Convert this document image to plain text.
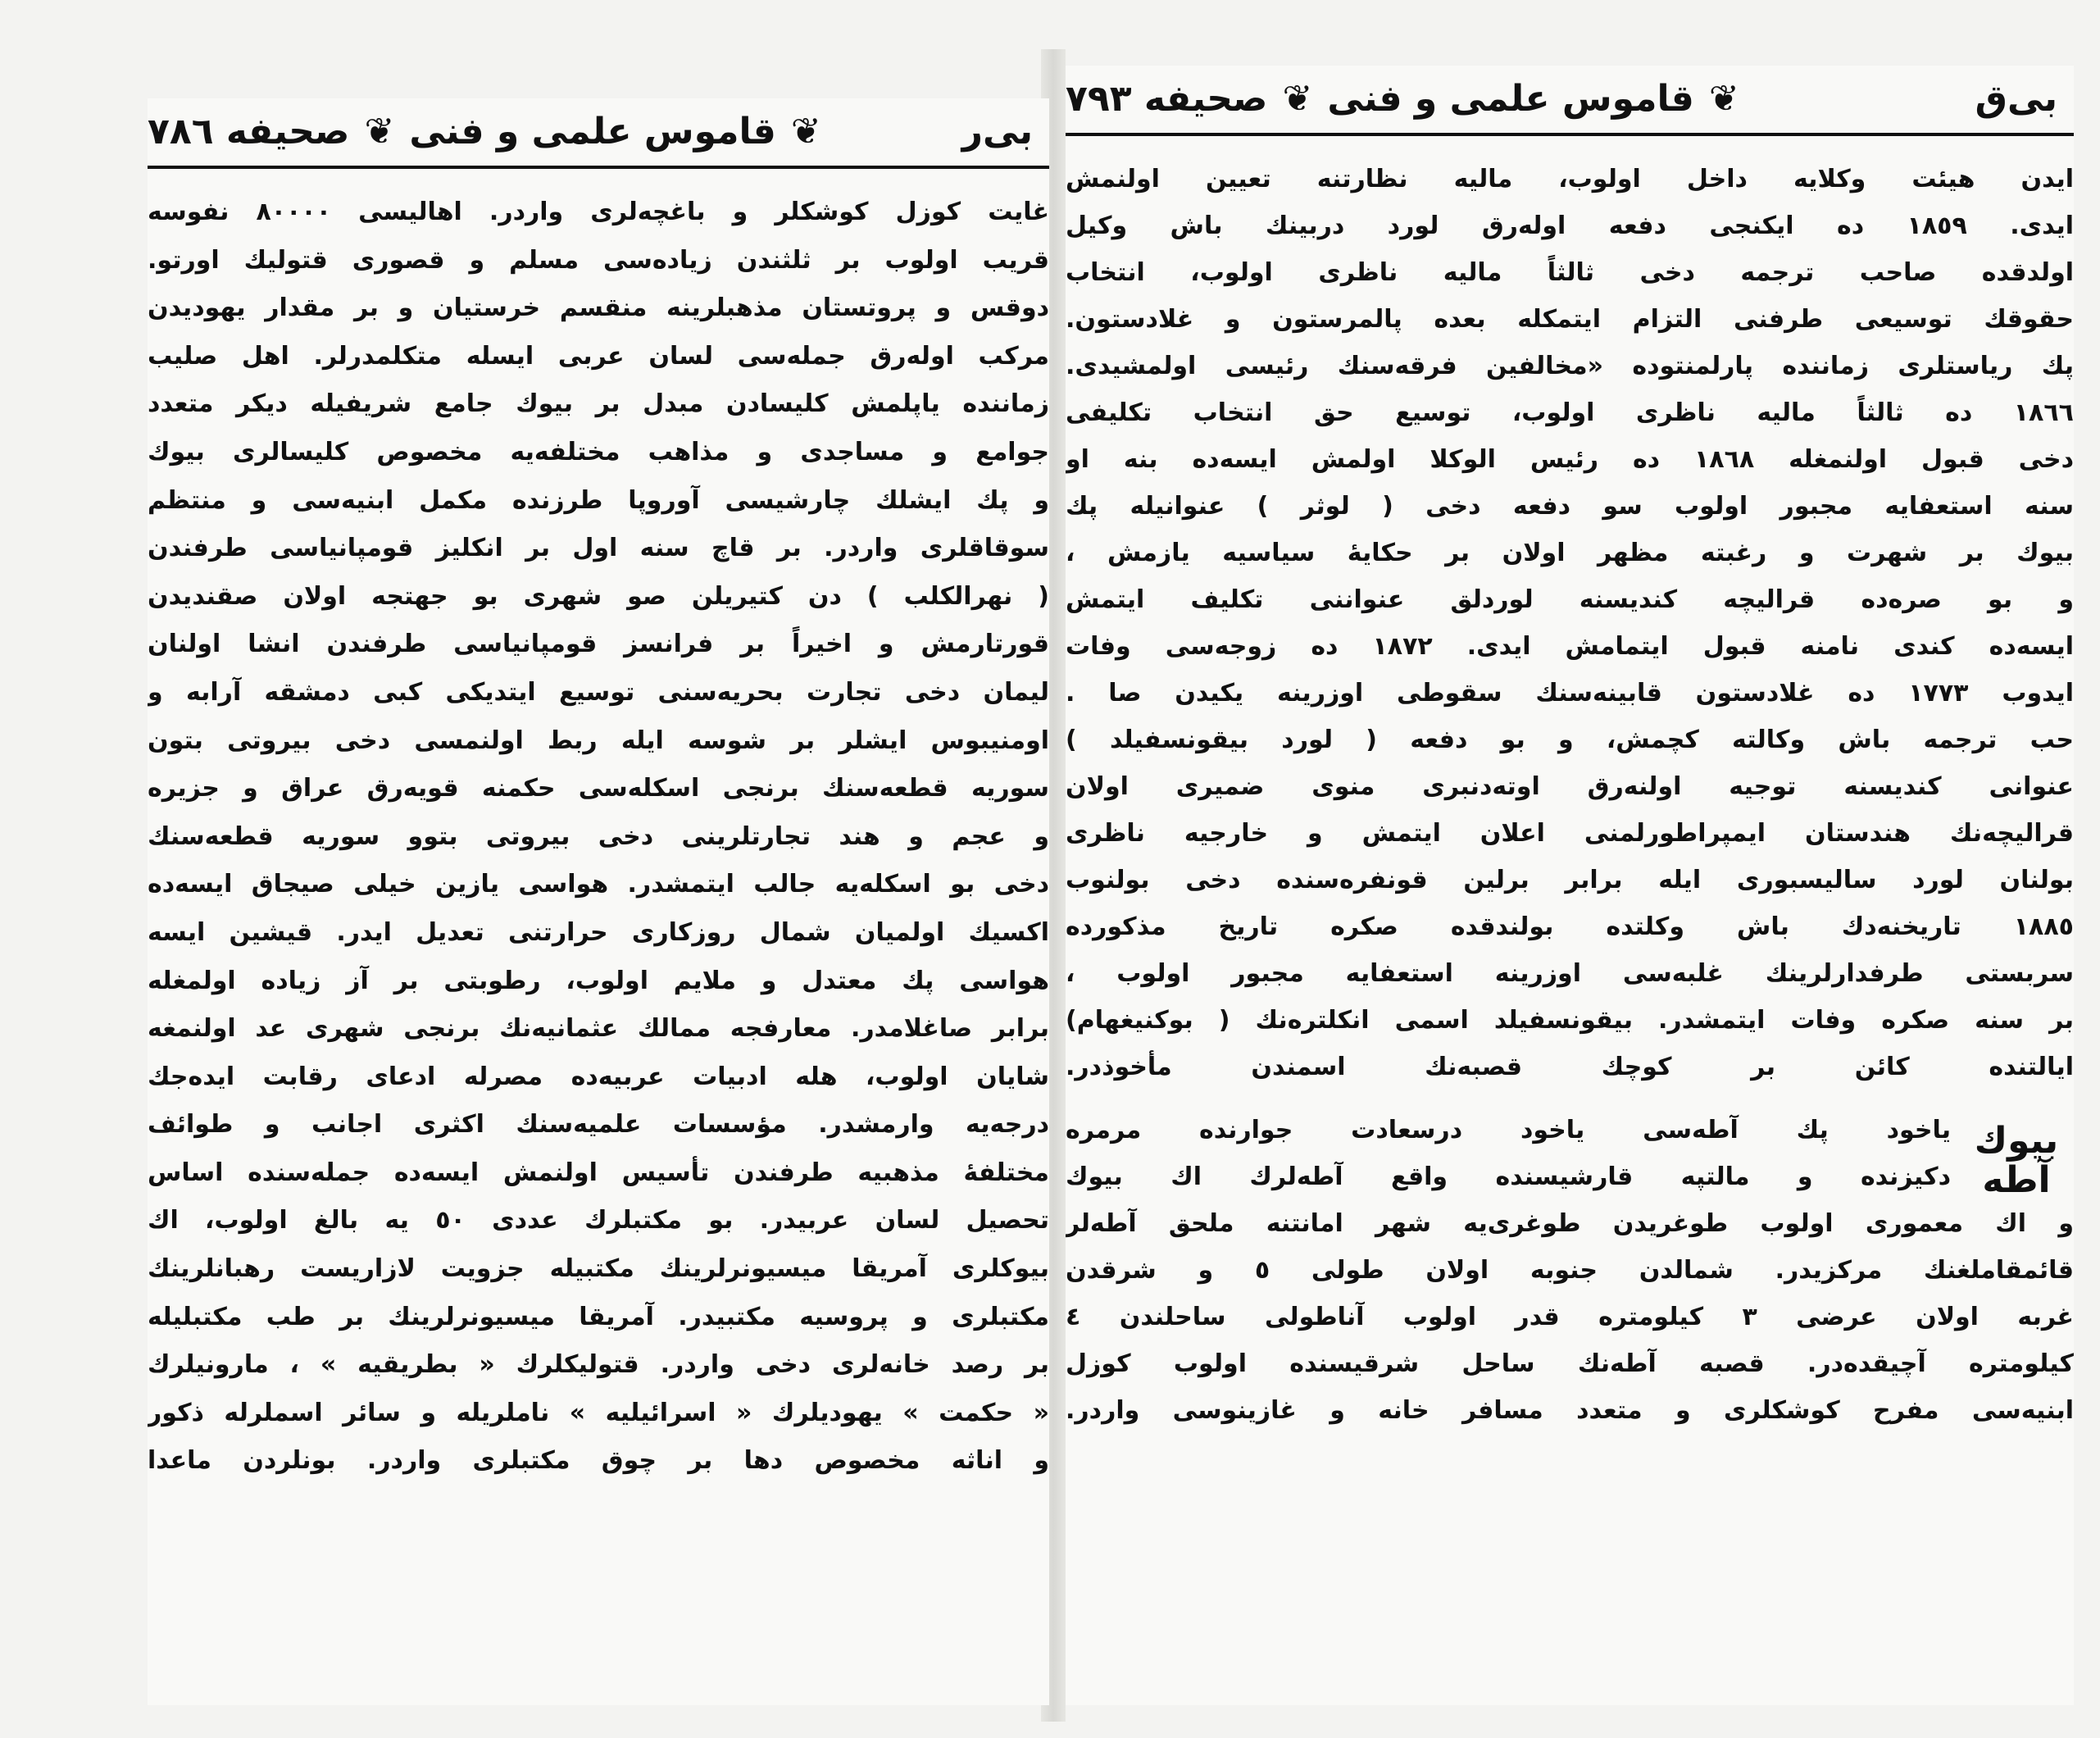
بى‌ر
❦
قاموس علمى و فنى
❦
صحيفه ٧٨٦
غايت كوزل كوشكلر و باغچه‌لرى واردر. اهاليسى ٨٠٠٠٠ نفوسه
قريب اولوب بر ثلثندن زياده‌سى مسلم و قصورى قتوليك اورتو.
دوقس و پروتستان مذهبلرينه منقسم خرستيان و بر مقدار يهوديدن
مركب اوله‌رق جمله‌سى لسان عربى ايسله متكلمدرلر. اهل صليب
زماننده ياپلمش كليسادن مبدل بر بيوك جامع شريفيله ديكر متعدد
جوامع و مساجدى و مذاهب مختلفه‌يه مخصوص كليسالرى بيوك
و پك ايشلك چارشيسى آوروپا طرزنده مكمل ابنيه‌سى و منتظم
سوقاقلرى واردر. بر قاچ سنه اول بر انكليز قومپانياسى طرفندن
( نهرالكلب ) دن كتيريلن صو شهرى بو جهتجه اولان صقنديدن
قورتارمش و اخيراً بر فرانسز قومپانياسى طرفندن انشا اولنان
ليمان دخى تجارت بحريه‌سنى توسيع ايتديكى كبى دمشقه آرابه و
اومنيبوس ايشلر بر شوسه ايله ربط اولنمسى دخى بيروتى بتون
سوريه قطعه‌سنك برنجى اسكله‌سى حكمنه قويه‌رق عراق و جزيره
و عجم و هند تجارتلرينى دخى بيروتى بتوو سوريه قطعه‌سنك
دخى بو اسكله‌يه جالب ايتمشدر. هواسى يازين خيلى صيجاق ايسه‌ده
اكسيك اولميان شمال روزكارى حرارتنى تعديل ايدر. قيشين ايسه
هواسى پك معتدل و ملايم اولوب، رطوبتى بر آز زياده اولمغله
برابر صاغلامدر. معارفجه ممالك عثمانيه‌نك برنجى شهرى عد اولنمغه
شايان اولوب، هله ادبيات عربيه‌ده مصرله ادعاى رقابت ايده‌جك
درجه‌يه وارمشدر. مؤسسات علميه‌سنك اكثرى اجانب و طوائف
مختلفهٔ مذهبيه طرفندن تأسيس اولنمش ايسه‌ده جمله‌سنده اساس
تحصيل لسان عربيدر. بو مكتبلرك عددى ٥٠ يه بالغ اولوب، اك
بيوكلرى آمريقا ميسيونرلرينك مكتبيله جزويت لازاريست رهبانلرينك
مكتبلرى و پروسيه مكتبيدر. آمريقا ميسيونرلرينك بر طب مكتبليله
بر رصد خانه‌لرى دخى واردر. قتوليكلرك « بطريقيه » ، مارونيلرك
« حكمت » يهوديلرك « اسرائيليه » ناملريله و سائر اسملرله ذكور
و اناثه مخصوص دها بر چوق مكتبلرى واردر. بونلردن ماعدا
بى‌ق
❦
قاموس علمى و فنى
❦
صحيفه ٧٩٣
ايدن هيئت وكلايه داخل اولوب، ماليه نظارتنه تعيين اولنمش
ايدى. ١٨٥٩ ده ايكنجى دفعه اوله‌رق لورد دربينك باش وكيل
اولدقده صاحب ترجمه دخى ثالثاً ماليه ناظرى اولوب، انتخاب
حقوقك توسيعى طرفنى التزام ايتمكله بعده پالمرستون و غلادستون.
پك رياستلرى زماننده پارلمنتوده «مخالفين فرقه‌سنك رئيسى اولمشيدى.
١٨٦٦ ده ثالثاً ماليه ناظرى اولوب، توسيع حق انتخاب تكليفى
دخى قبول اولنمغله ١٨٦٨ ده رئيس الوكلا اولمش ايسه‌ده‌ بنه او
سنه استعفايه مجبور اولوب سو دفعه دخى ( لوثر ) عنوانيله پك
بيوك بر شهرت و رغبته مظهر اولان بر حكايهٔ سياسيه يازمش ،
و بو صره‌ده قراليچه كنديسنه لوردلق عنواننى تكليف ايتمش
ايسه‌ده كندى نامنه قبول ايتمامش ايدى. ١٨٧٢ ده زوجه‌سى وفات
ايدوب ١٧٧٣ ده غلادستون قابينه‌سنك سقوطى اوزرينه يكيدن صا .
حب ترجمه باش وكالته كچمش، و بو دفعه ( لورد بيقونسفيلد )
عنوانى كنديسنه توجيه اولنه‌رق اوته‌دنبرى منوى ضميرى اولان
قراليچه‌نك هندستان ايمپراطورلمنى اعلان ايتمش و خارجيه ناظرى
بولنان لورد ساليسبورى ايله برابر برلين قونفره‌سنده دخى بولنوب
١٨٨٥ تاريخنه‌دك باش وكلتده بولندقده صكره تاريخ مذكورده
سربستى طرفدارلرينك غلبه‌سى اوزرينه استعفايه مجبور اولوب ،
بر سنه صكره وفات ايتمشدر. بيقونسفيلد اسمى انكلتره‌نك ( بوكنيغهام)
ايالتنده كائن بر كوچك قصبه‌نك اسمندن مأخوذدر.
بيوك آطه
ياخود پك آطه‌سى ياخود درسعادت جوارنده مرمره
دكيزنده و مالتپه قارشيسنده واقع آطه‌لرك اك بيوك
و اك معمورى اولوب طوغريدن طوغرى‌يه شهر امانتنه ملحق آطه‌لر
قائمقاملغنك مركزيدر. شمالدن جنوبه اولان طولى ٥ و شرقدن
غربه اولان عرضى ٣ كيلومتره قدر اولوب آناطولى ساحلندن ٤
كيلومتره آچيقده‌در. قصبه آطه‌نك ساحل شرقيسنده اولوب كوزل
ابنيه‌سى مفرح كوشكلرى و متعدد مسافر خانه و غازينوسى واردر.
